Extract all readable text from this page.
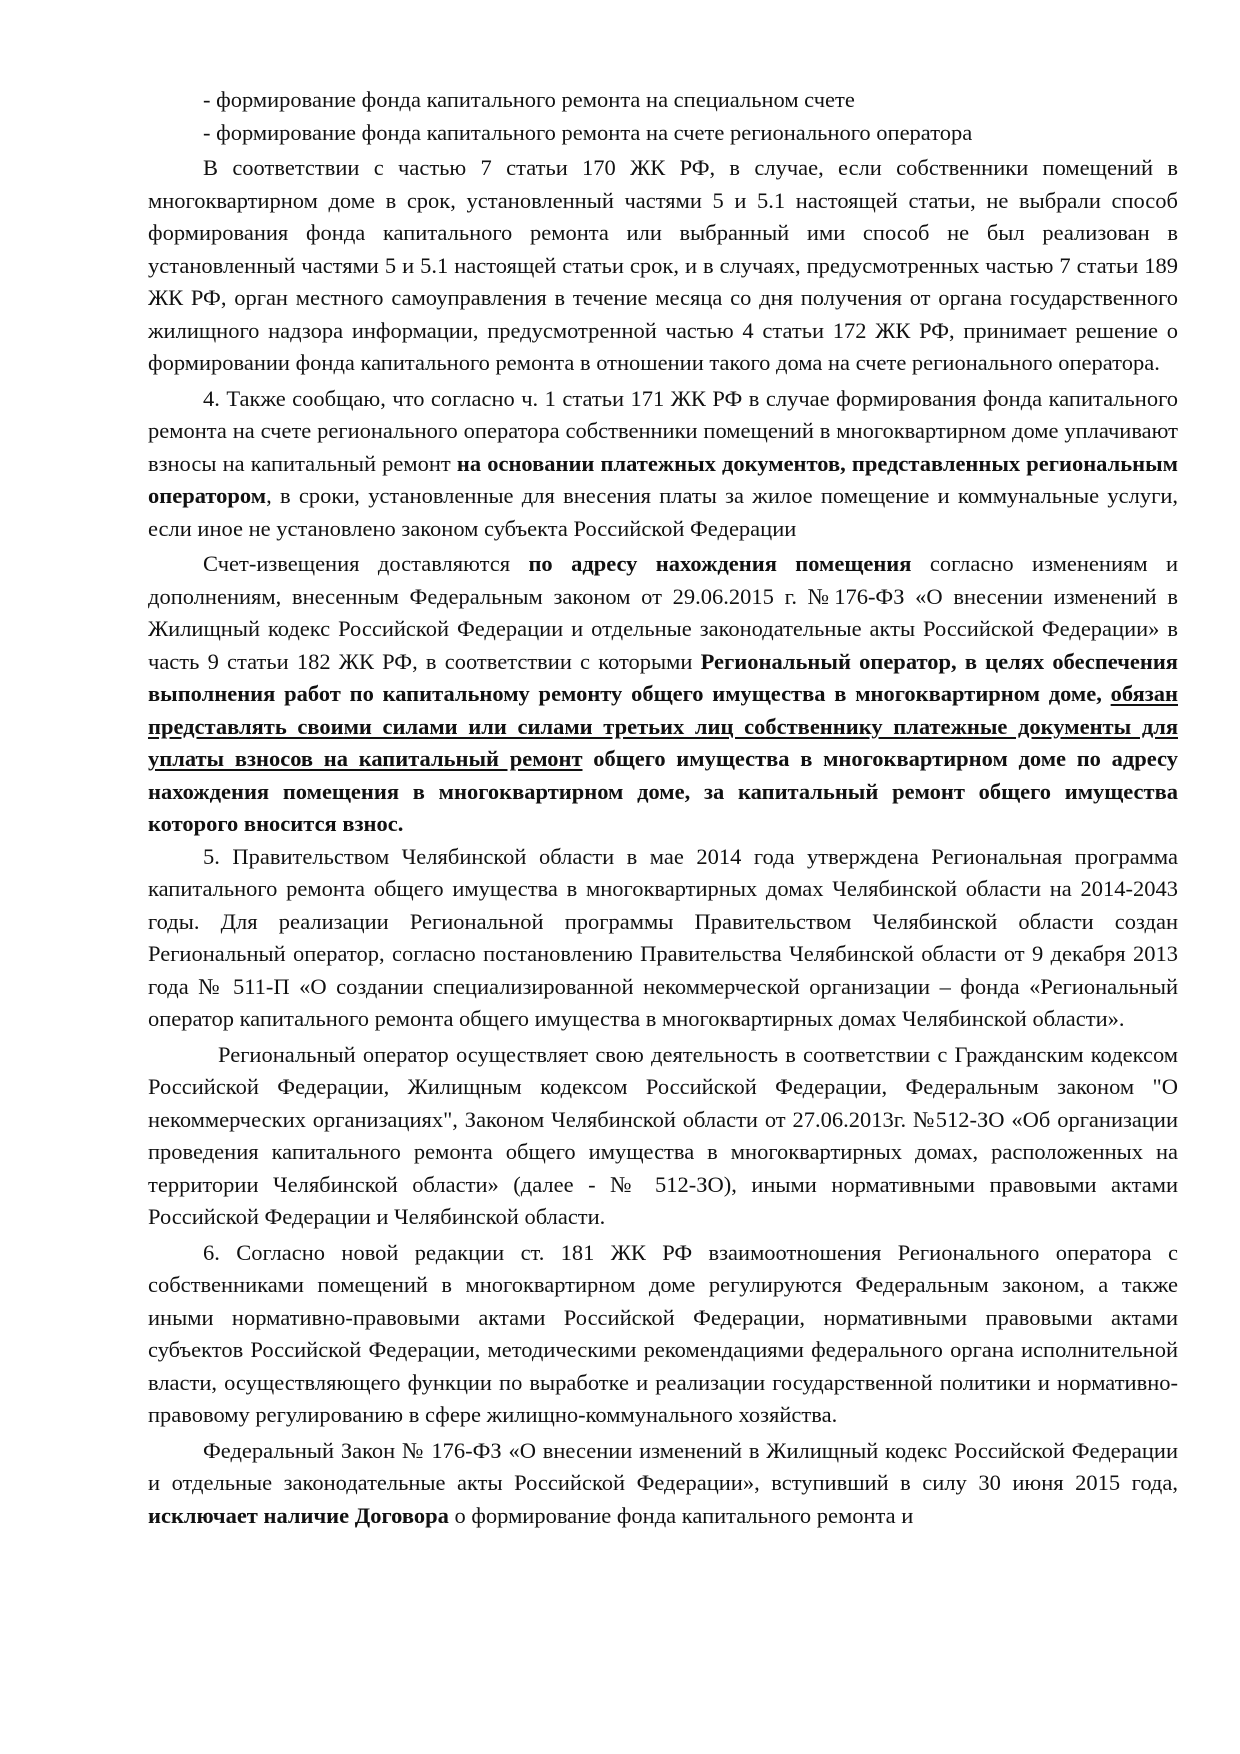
- формирование фонда капитального ремонта на специальном счете

- формирование фонда капитального ремонта на счете регионального оператора

В соответствии с частью 7 статьи 170 ЖК РФ, в случае, если собственники помещений в многоквартирном доме в срок, установленный частями 5 и 5.1 настоящей статьи, не выбрали способ формирования фонда капитального ремонта или выбранный ими способ не был реализован в установленный частями 5 и 5.1 настоящей статьи срок, и в случаях, предусмотренных частью 7 статьи 189 ЖК РФ, орган местного самоуправления в течение месяца со дня получения от органа государственного жилищного надзора информации, предусмотренной частью 4 статьи 172 ЖК РФ, принимает решение о формировании фонда капитального ремонта в отношении такого дома на счете регионального оператора.

4. Также сообщаю, что согласно ч. 1 статьи 171 ЖК РФ в случае формирования фонда капитального ремонта на счете регионального оператора собственники помещений в многоквартирном доме уплачивают взносы на капитальный ремонт на основании платежных документов, представленных региональным оператором, в сроки, установленные для внесения платы за жилое помещение и коммунальные услуги, если иное не установлено законом субъекта Российской Федерации

Счет-извещения доставляются по адресу нахождения помещения согласно изменениям и дополнениям, внесенным Федеральным законом от 29.06.2015 г. №176-ФЗ «О внесении изменений в Жилищный кодекс Российской Федерации и отдельные законодательные акты Российской Федерации» в часть 9 статьи 182 ЖК РФ, в соответствии с которыми Региональный оператор, в целях обеспечения выполнения работ по капитальному ремонту общего имущества в многоквартирном доме, обязан представлять своими силами или силами третьих лиц собственнику платежные документы для уплаты взносов на капитальный ремонт общего имущества в многоквартирном доме по адресу нахождения помещения в многоквартирном доме, за капитальный ремонт общего имущества которого вносится взнос.

5. Правительством Челябинской области в мае 2014 года утверждена Региональная программа капитального ремонта общего имущества в многоквартирных домах Челябинской области на 2014-2043 годы. Для реализации Региональной программы Правительством Челябинской области создан Региональный оператор, согласно постановлению Правительства Челябинской области от 9 декабря 2013 года № 511-П «О создании специализированной некоммерческой организации – фонда «Региональный оператор капитального ремонта общего имущества в многоквартирных домах Челябинской области».

Региональный оператор осуществляет свою деятельность в соответствии с Гражданским кодексом Российской Федерации, Жилищным кодексом Российской Федерации, Федеральным законом "О некоммерческих организациях", Законом Челябинской области от 27.06.2013г. №512-ЗО «Об организации проведения капитального ремонта общего имущества в многоквартирных домах, расположенных на территории Челябинской области» (далее - № 512-ЗО), иными нормативными правовыми актами Российской Федерации и Челябинской области.

6. Согласно новой редакции ст. 181 ЖК РФ взаимоотношения Регионального оператора с собственниками помещений в многоквартирном доме регулируются Федеральным законом, а также иными нормативно-правовыми актами Российской Федерации, нормативными правовыми актами субъектов Российской Федерации, методическими рекомендациями федерального органа исполнительной власти, осуществляющего функции по выработке и реализации государственной политики и нормативно-правовому регулированию в сфере жилищно-коммунального хозяйства.

Федеральный Закон № 176-ФЗ «О внесении изменений в Жилищный кодекс Российской Федерации и отдельные законодательные акты Российской Федерации», вступивший в силу 30 июня 2015 года, исключает наличие Договора о формирование фонда капитального ремонта и
